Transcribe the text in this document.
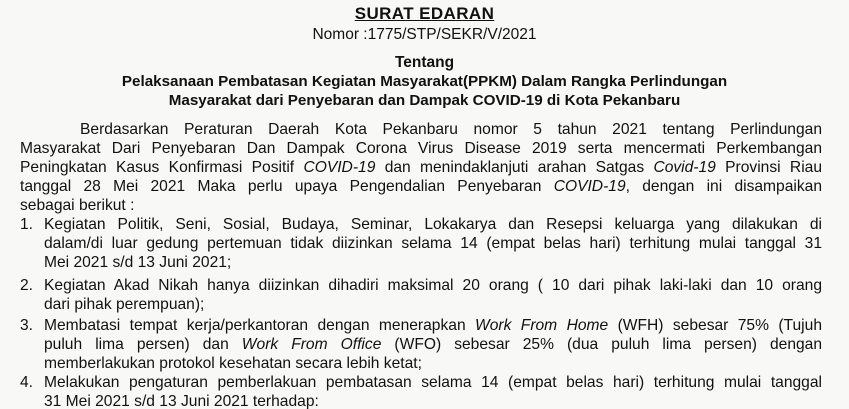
SURAT EDARAN
Nomor :1775/STP/SEKR/V/2021
Tentang
Pelaksanaan Pembatasan Kegiatan Masyarakat(PPKM) Dalam Rangka Perlindungan
Masyarakat dari Penyebaran dan Dampak COVID-19 di Kota Pekanbaru
Berdasarkan Peraturan Daerah Kota Pekanbaru nomor 5 tahun 2021 tentang Perlindungan
Masyarakat Dari Penyebaran Dan Dampak Corona Virus Disease 2019 serta mencermati Perkembangan
Peningkatan Kasus Konfirmasi Positif COVID-19 dan menindaklanjuti arahan Satgas Covid-19 Provinsi Riau
tanggal 28 Mei 2021 Maka perlu upaya Pengendalian Penyebaran COVID-19, dengan ini disampaikan
sebagai berikut :
1. Kegiatan Politik, Seni, Sosial, Budaya, Seminar, Lokakarya dan Resepsi keluarga yang dilakukan di
dalam/di luar gedung pertemuan tidak diizinkan selama 14 (empat belas hari) terhitung mulai tanggal 31
Mei 2021 s/d 13 Juni 2021;
2. Kegiatan Akad Nikah hanya diizinkan dihadiri maksimal 20 orang ( 10 dari pihak laki-laki dan 10 orang
dari pihak perempuan);
3. Membatasi tempat kerja/perkantoran dengan menerapkan Work From Home (WFH) sebesar 75% (Tujuh
puluh lima persen) dan Work From Office (WFO) sebesar 25% (dua puluh lima persen) dengan
memberlakukan protokol kesehatan secara lebih ketat;
4. Melakukan pengaturan pemberlakuan pembatasan selama 14 (empat belas hari) terhitung mulai tanggal
31 Mei 2021 s/d 13 Juni 2021 terhadap:
